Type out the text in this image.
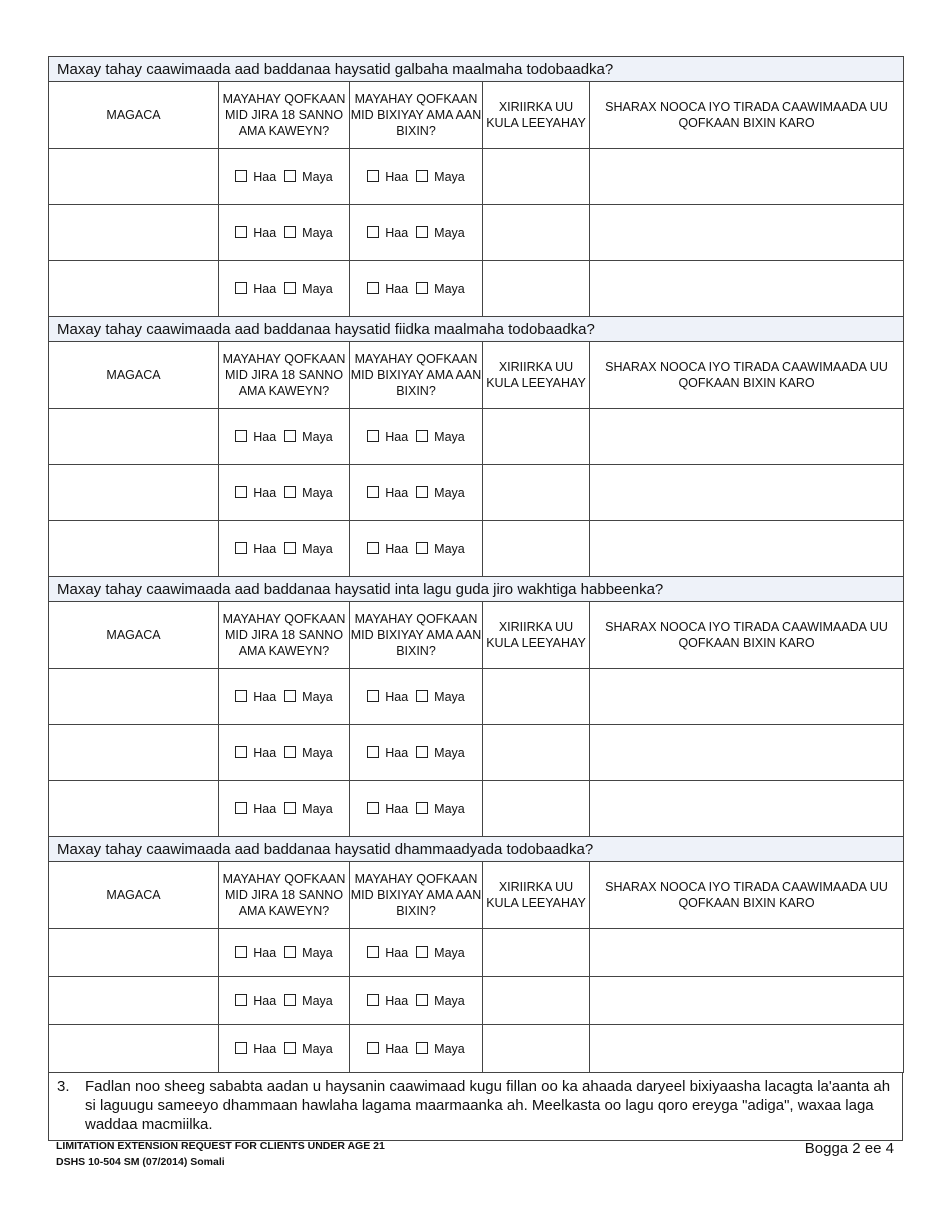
Maxay tahay caawimaada aad baddanaa haysatid galbaha maalmaha todobaadka?				
MAGACA	MAYAHAY QOFKAAN MID JIRA 18 SANNO AMA KAWEYN?	MAYAHAY QOFKAAN MID BIXIYAY AMA AAN BIXIN?	XIRIIRKA UU KULA LEEYAHAY	SHARAX NOOCA IYO TIRADA CAAWIMAADA UU QOFKAAN BIXIN KARO

	Haa Maya	Haa Maya		

	Haa Maya	Haa Maya		

	Haa Maya	Haa Maya		

Maxay tahay caawimaada aad baddanaa haysatid fiidka maalmaha todobaadka?				
MAGACA	MAYAHAY QOFKAAN MID JIRA 18 SANNO AMA KAWEYN?	MAYAHAY QOFKAAN MID BIXIYAY AMA AAN BIXIN?	XIRIIRKA UU KULA LEEYAHAY	SHARAX NOOCA IYO TIRADA CAAWIMAADA UU QOFKAAN BIXIN KARO

	Haa Maya	Haa Maya		

	Haa Maya	Haa Maya		

	Haa Maya	Haa Maya		

Maxay tahay caawimaada aad baddanaa haysatid inta lagu guda jiro wakhtiga habbeenka?				
MAGACA	MAYAHAY QOFKAAN MID JIRA 18 SANNO AMA KAWEYN?	MAYAHAY QOFKAAN MID BIXIYAY AMA AAN BIXIN?	XIRIIRKA UU KULA LEEYAHAY	SHARAX NOOCA IYO TIRADA CAAWIMAADA UU QOFKAAN BIXIN KARO

	Haa Maya	Haa Maya		

	Haa Maya	Haa Maya		

	Haa Maya	Haa Maya		

Maxay tahay caawimaada aad baddanaa haysatid dhammaadyada todobaadka?				
MAGACA	MAYAHAY QOFKAAN MID JIRA 18 SANNO AMA KAWEYN?	MAYAHAY QOFKAAN MID BIXIYAY AMA AAN BIXIN?	XIRIIRKA UU KULA LEEYAHAY	SHARAX NOOCA IYO TIRADA CAAWIMAADA UU QOFKAAN BIXIN KARO

	Haa Maya	Haa Maya		

	Haa Maya	Haa Maya		

	Haa Maya	Haa Maya		

3.	Fadlan noo sheeg sababta aadan u haysanin caawimaad kugu fillan oo ka ahaada daryeel bixiyaasha lacagta la'aanta ah si laguugu sameeyo dhammaan hawlaha lagama maarmaanka ah. Meelkasta oo lagu qoro ereyga "adiga", waxaa laga waddaa macmiilka.
LIMITATION EXTENSION REQUEST FOR CLIENTS UNDER AGE 21
DSHS 10-504 SM (07/2014) Somali
Bogga 2 ee 4
